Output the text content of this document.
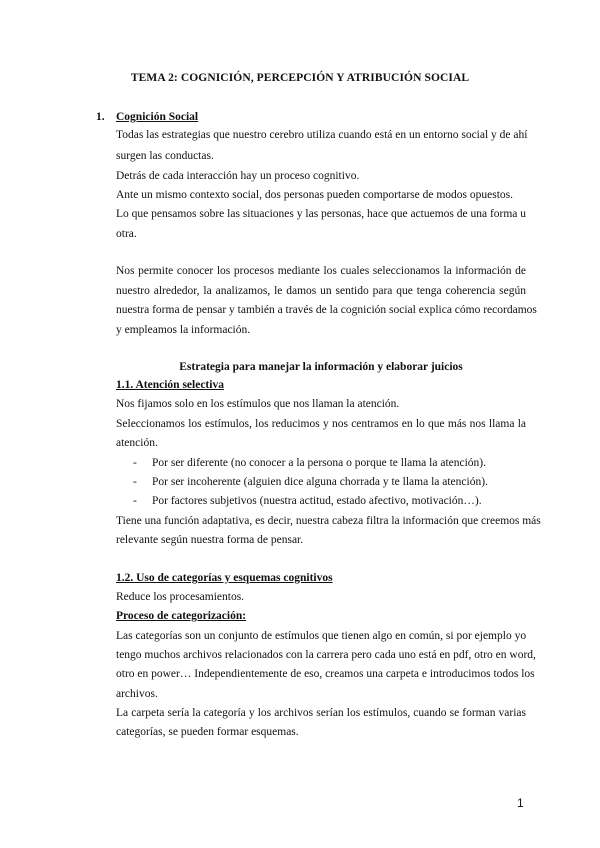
TEMA 2: COGNICIÓN, PERCEPCIÓN Y ATRIBUCIÓN SOCIAL
1. Cognición Social
Todas las estrategias que nuestro cerebro utiliza cuando está en un entorno social y de ahí
surgen las conductas.
Detrás de cada interacción hay un proceso cognitivo.
Ante un mismo contexto social, dos personas pueden comportarse de modos opuestos.
Lo que pensamos sobre las situaciones y las personas, hace que actuemos de una forma u
otra.
Nos permite conocer los procesos mediante los cuales seleccionamos la información de
nuestro alrededor, la analizamos, le damos un sentido para que tenga coherencia según
nuestra forma de pensar y también a través de la cognición social explica cómo recordamos
y empleamos la información.
Estrategia para manejar la información y elaborar juicios
1.1. Atención selectiva
Nos fijamos solo en los estímulos que nos llaman la atención.
Seleccionamos los estímulos, los reducimos y nos centramos en lo que más nos llama la
atención.
- Por ser diferente (no conocer a la persona o porque te llama la atención).
- Por ser incoherente (alguien dice alguna chorrada y te llama la atención).
- Por factores subjetivos (nuestra actitud, estado afectivo, motivación…).
Tiene una función adaptativa, es decir, nuestra cabeza filtra la información que creemos más
relevante según nuestra forma de pensar.
1.2. Uso de categorías y esquemas cognitivos
Reduce los procesamientos.
Proceso de categorización:
Las categorías son un conjunto de estímulos que tienen algo en común, si por ejemplo yo
tengo muchos archivos relacionados con la carrera pero cada uno está en pdf, otro en word,
otro en power… Independientemente de eso, creamos una carpeta e introducimos todos los
archivos.
La carpeta sería la categoría y los archivos serían los estímulos, cuando se forman varias
categorías, se pueden formar esquemas.
1
